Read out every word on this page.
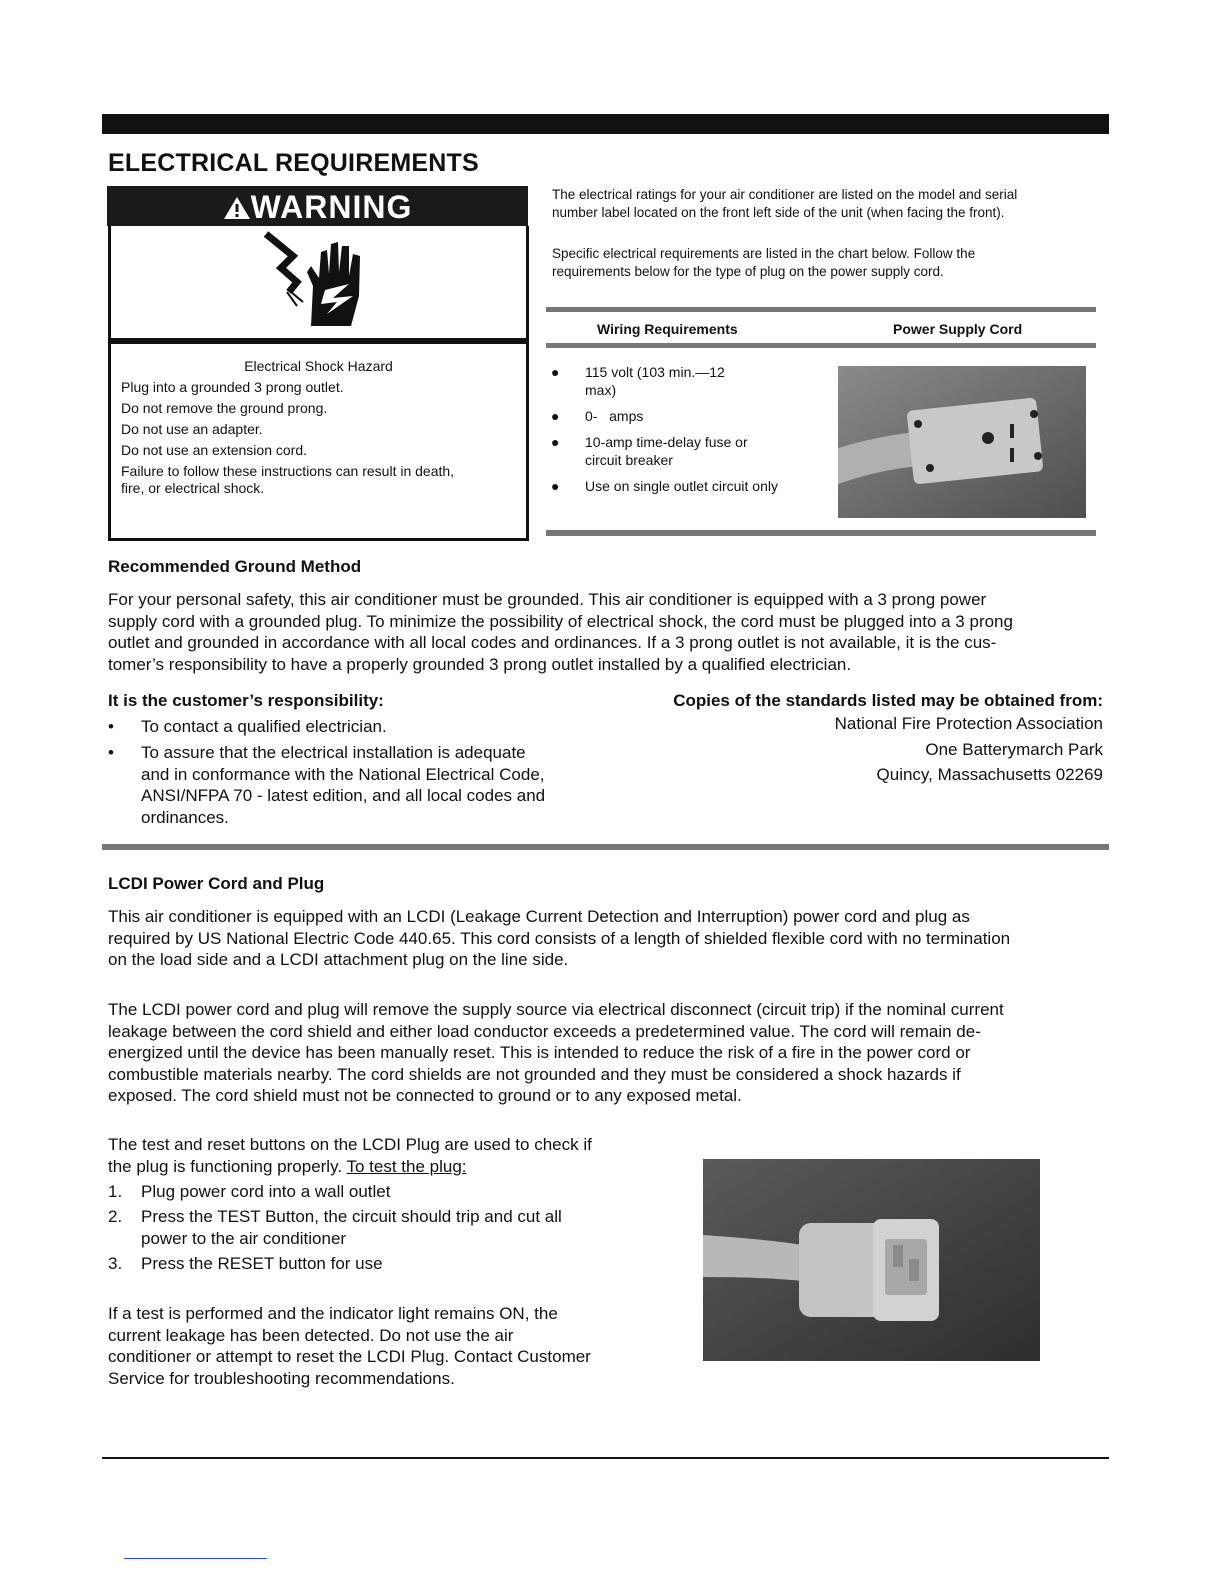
ELECTRICAL REQUIREMENTS
WARNING
Electrical Shock Hazard
Plug into a grounded 3 prong outlet.
Do not remove the ground prong.
Do not use an adapter.
Do not use an extension cord.
Failure to follow these instructions can result in death,
fire, or electrical shock.
The electrical ratings for your air conditioner are listed on the model and serial
number label located on the front left side of the unit (when facing the front).
Specific electrical requirements are listed in the chart below. Follow the
requirements below for the type of plug on the power supply cord.
Wiring Requirements	Power Supply Cord
● 115 volt (103 min.—12
max)
● 0-   amps
● 10-amp time-delay fuse or
circuit breaker
● Use on single outlet circuit only
Recommended Ground Method
For your personal safety, this air conditioner must be grounded. This air conditioner is equipped with a 3 prong power
supply cord with a grounded plug. To minimize the possibility of electrical shock, the cord must be plugged into a 3 prong
outlet and grounded in accordance with all local codes and ordinances. If a 3 prong outlet is not available, it is the cus-
tomer’s responsibility to have a properly grounded 3 prong outlet installed by a qualified electrician.
It is the customer’s responsibility:
• To contact a qualified electrician.
• To assure that the electrical installation is adequate
and in conformance with the National Electrical Code,
ANSI/NFPA 70 - latest edition, and all local codes and
ordinances.
Copies of the standards listed may be obtained from:
National Fire Protection Association
One Batterymarch Park
Quincy, Massachusetts 02269
LCDI Power Cord and Plug
This air conditioner is equipped with an LCDI (Leakage Current Detection and Interruption) power cord and plug as
required by US National Electric Code 440.65. This cord consists of a length of shielded flexible cord with no termination
on the load side and a LCDI attachment plug on the line side.
The LCDI power cord and plug will remove the supply source via electrical disconnect (circuit trip) if the nominal current
leakage between the cord shield and either load conductor exceeds a predetermined value. The cord will remain de-
energized until the device has been manually reset. This is intended to reduce the risk of a fire in the power cord or
combustible materials nearby. The cord shields are not grounded and they must be considered a shock hazards if
exposed. The cord shield must not be connected to ground or to any exposed metal.
The test and reset buttons on the LCDI Plug are used to check if
the plug is functioning properly. To test the plug:
1. Plug power cord into a wall outlet
2. Press the TEST Button, the circuit should trip and cut all
power to the air conditioner
3. Press the RESET button for use
If a test is performed and the indicator light remains ON, the
current leakage has been detected. Do not use the air
conditioner or attempt to reset the LCDI Plug. Contact Customer
Service for troubleshooting recommendations.
